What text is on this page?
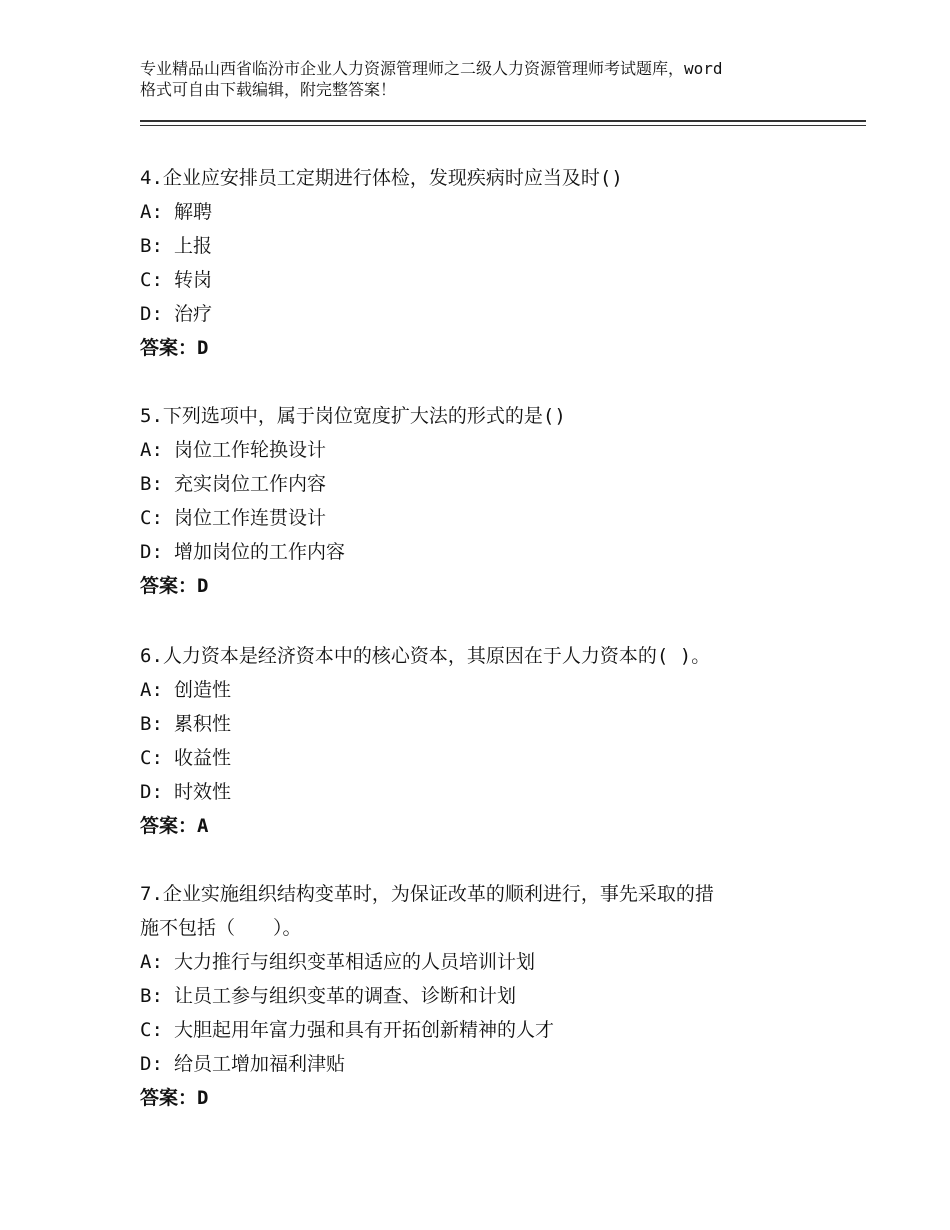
专业精品山西省临汾市企业人力资源管理师之二级人力资源管理师考试题库，word
格式可自由下载编辑，附完整答案！
4.企业应安排员工定期进行体检，发现疾病时应当及时()
A: 解聘
B: 上报
C: 转岗
D: 治疗
答案：D
5.下列选项中，属于岗位宽度扩大法的形式的是()
A: 岗位工作轮换设计
B: 充实岗位工作内容
C: 岗位工作连贯设计
D: 增加岗位的工作内容
答案：D
6.人力资本是经济资本中的核心资本，其原因在于人力资本的( )。
A: 创造性
B: 累积性
C: 收益性
D: 时效性
答案：A
7.企业实施组织结构变革时，为保证改革的顺利进行，事先采取的措
施不包括（　　）。
A: 大力推行与组织变革相适应的人员培训计划
B: 让员工参与组织变革的调查、诊断和计划
C: 大胆起用年富力强和具有开拓创新精神的人才
D: 给员工增加福利津贴
答案：D
